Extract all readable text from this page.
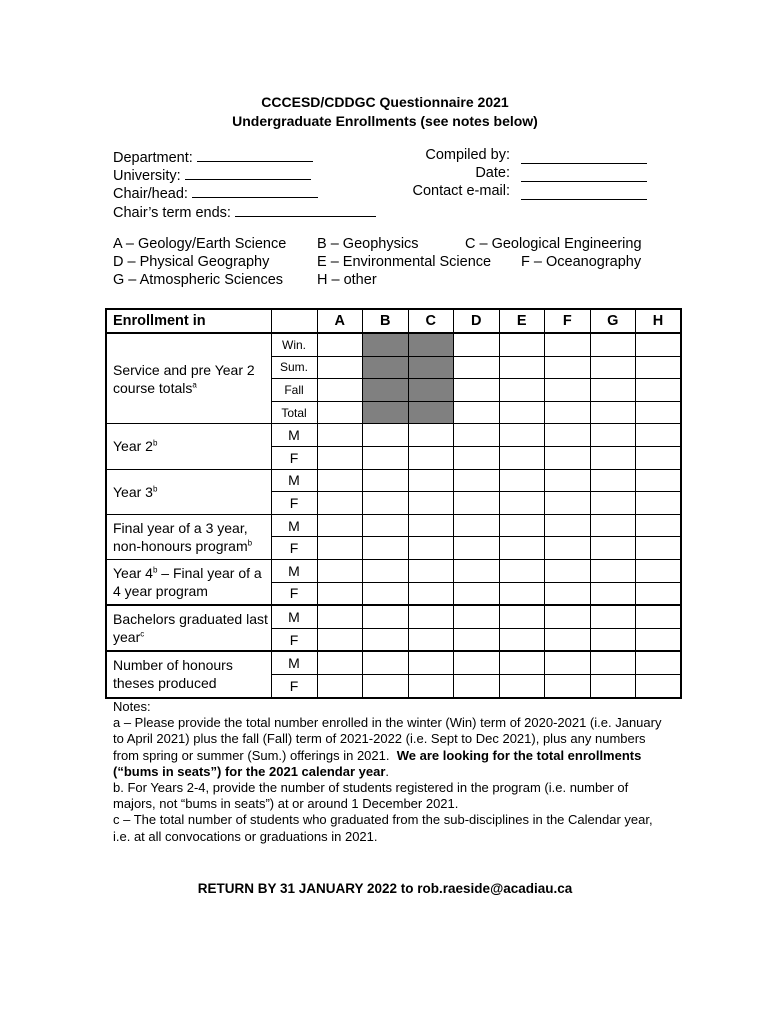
CCCESD/CDDGC Questionnaire 2021
Undergraduate Enrollments (see notes below)
Department:
University:
Chair/head:
Chair’s term ends:
Compiled by:
Date:
Contact e-mail:
A – Geology/Earth Science B – Geophysics	C – Geological Engineering
D – Physical Geography	E – Environmental Science F – Oceanography
G – Atmospheric Sciences H – other
Enrollment in		A	B	C	D	E	F	G	H
Service and pre Year 2 course totals$^a$	Win.								
	Sum.								
	Fall								
	Total								
Year 2$^b$	M								
	F								
Year 3$^b$	M								
	F								
Final year of a 3 year, non-honours program$^b$	M								
	F								
Year 4$^b$ – Final year of a 4 year program	M								
	F								
Bachelors graduated last year$^c$	M								
	F								
Number of honours theses produced	M								
	F								

Notes:

a – Please provide the total number enrolled in the winter (Win) term of 2020-2021 (i.e. January to April 2021) plus the fall (Fall) term of 2021-2022 (i.e. Sept to Dec 2021), plus any numbers from spring or summer (Sum.) offerings in 2021. We are looking for the total enrollments (“bums in seats”) for the 2021 calendar year.

b. For Years 2-4, provide the number of students registered in the program (i.e. number of majors, not “bums in seats”) at or around 1 December 2021.

c – The total number of students who graduated from the sub-disciplines in the Calendar year, i.e. at all convocations or graduations in 2021.

RETURN BY 31 JANUARY 2022 to rob.raeside@acadiau.ca
